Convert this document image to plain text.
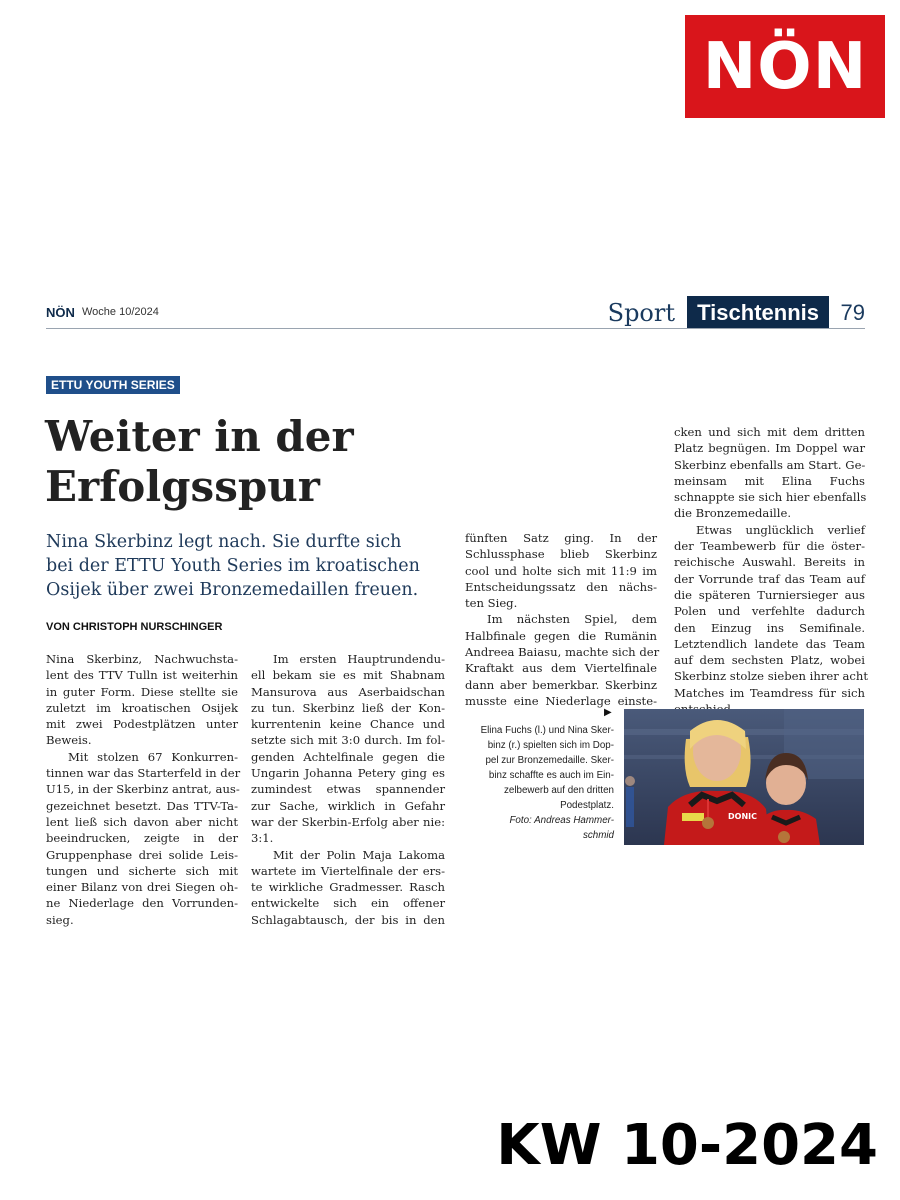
NÖN
NÖN Woche 10/2024	Sport	Tischtennis 79
ETTU YOUTH SERIES
Weiter in der
Erfolgsspur
Nina Skerbinz legt nach. Sie durfte sich
bei der ETTU Youth Series im kroatischen
Osijek über zwei Bronzemedaillen freuen.
VON CHRISTOPH NURSCHINGER
Nina Skerbinz, Nachwuchsta-
lent des TTV Tulln ist weiterhin
in guter Form. Diese stellte sie
zuletzt im kroatischen Osijek
mit zwei Podestplätzen unter
Beweis.
Mit stolzen 67 Konkurren-
tinnen war das Starterfeld in der
U15, in der Skerbinz antrat, aus-
gezeichnet besetzt. Das TTV-Ta-
lent ließ sich davon aber nicht
beeindrucken, zeigte in der
Gruppenphase drei solide Leis-
tungen und sicherte sich mit
einer Bilanz von drei Siegen oh-
ne Niederlage den Vorrunden-
sieg.
Im ersten Hauptrundendu-
ell bekam sie es mit Shabnam
Mansurova aus Aserbaidschan
zu tun. Skerbinz ließ der Kon-
kurrentenin keine Chance und
setzte sich mit 3:0 durch. Im fol-
genden Achtelfinale gegen die
Ungarin Johanna Petery ging es
zumindest etwas spannender
zur Sache, wirklich in Gefahr
war der Skerbin-Erfolg aber nie:
3:1.
Mit der Polin Maja Lakoma
wartete im Viertelfinale der ers-
te wirkliche Gradmesser. Rasch
entwickelte sich ein offener
Schlagabtausch, der bis in den
fünften Satz ging. In der
Schlussphase blieb Skerbinz
cool und holte sich mit 11:9 im
Entscheidungssatz den nächs-
ten Sieg.
Im nächsten Spiel, dem
Halbfinale gegen die Rumänin
Andreea Baiasu, machte sich der
Kraftakt aus dem Viertelfinale
dann aber bemerkbar. Skerbinz
musste eine Niederlage einste-
cken und sich mit dem dritten
Platz begnügen. Im Doppel war
Skerbinz ebenfalls am Start. Ge-
meinsam mit Elina Fuchs
schnappte sie sich hier ebenfalls
die Bronzemedaille.
Etwas unglücklich verlief
der Teambewerb für die öster-
reichische Auswahl. Bereits in
der Vorrunde traf das Team auf
die späteren Turniersieger aus
Polen und verfehlte dadurch
den Einzug ins Semifinale.
Letztendlich landete das Team
auf dem sechsten Platz, wobei
Skerbinz stolze sieben ihrer acht
Matches im Teamdress für sich
▶
Elina Fuchs (l.) und Nina Sker-
binz (r.) spielten sich im Dop-
pel zur Bronzemedaille. Sker-
binz schaffte es auch im Ein-
zelbewerb auf den dritten
Podestplatz.
Foto: Andreas Hammer-
schmid
DONIC
KW 10-2024
